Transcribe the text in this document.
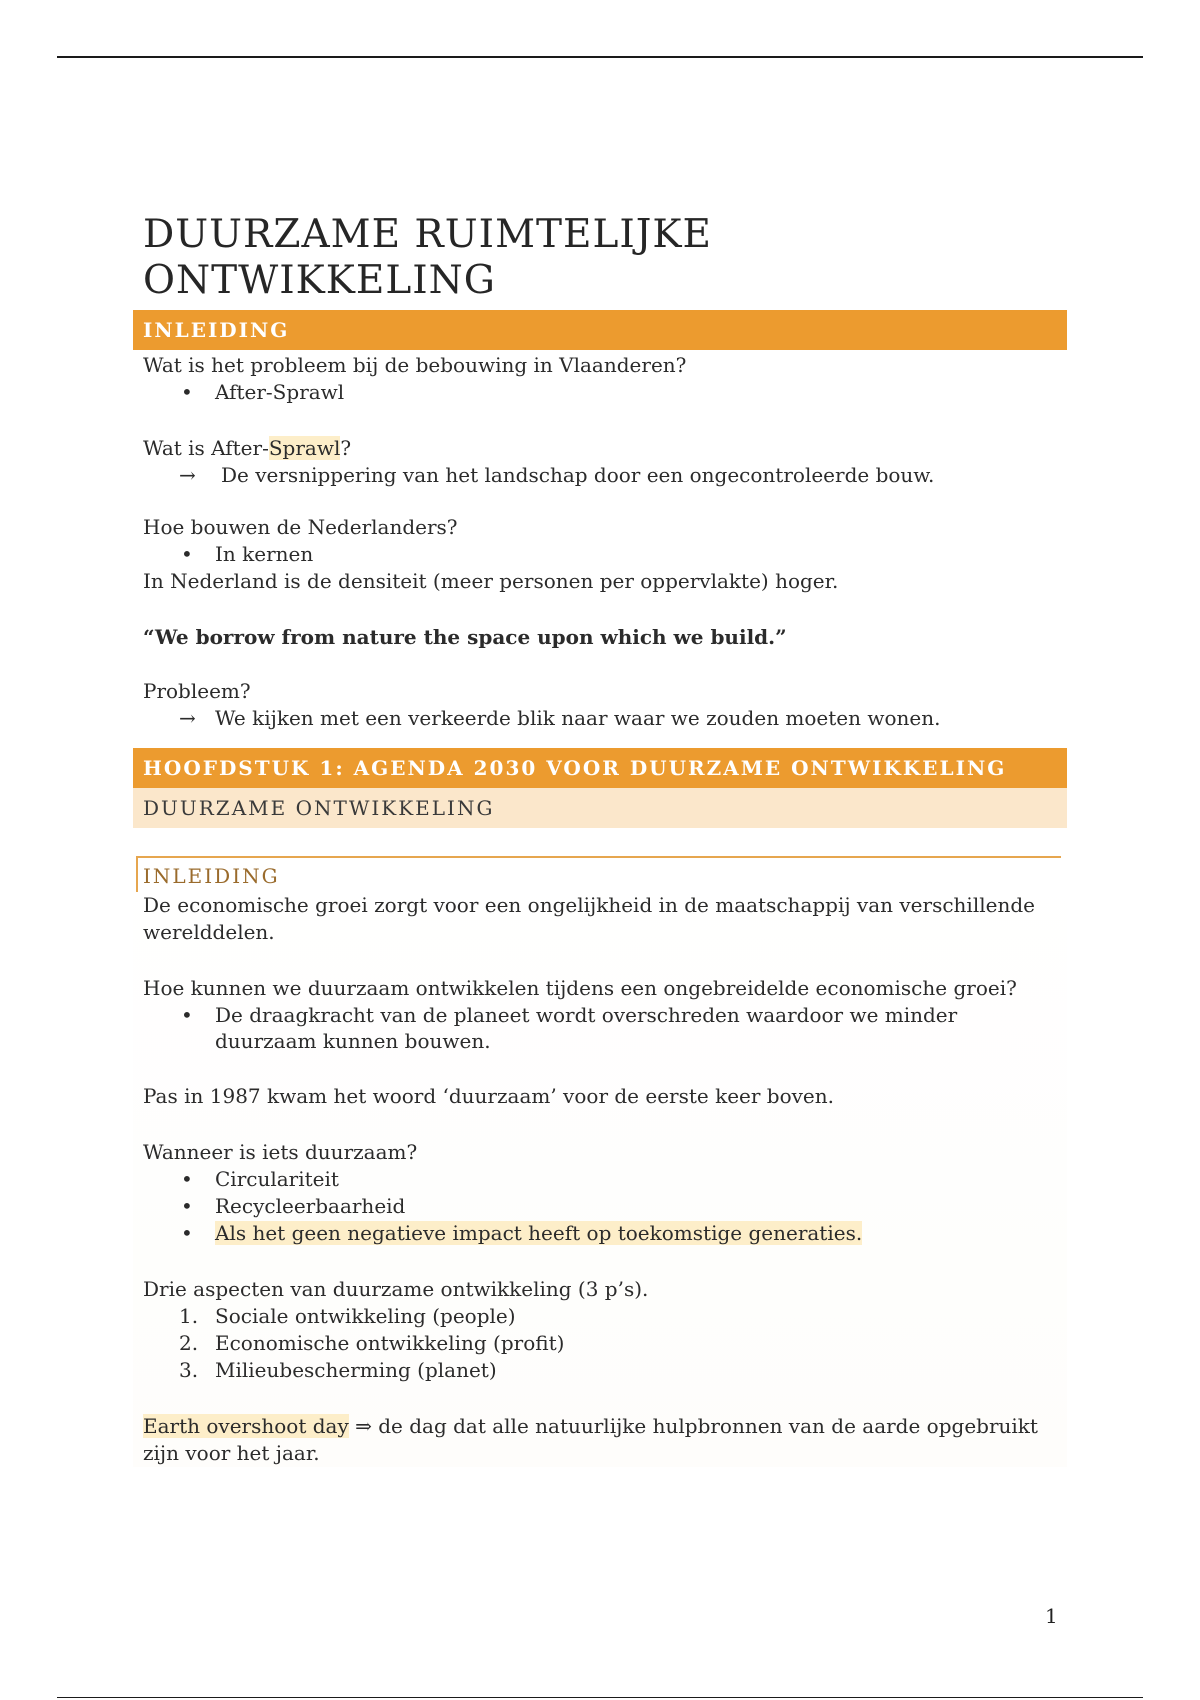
DUURZAME RUIMTELIJKE ONTWIKKELING
INLEIDING

Wat is het probleem bij de bebouwing in Vlaanderen?

• After-Sprawl

Wat is After-Sprawl?

→ De versnippering van het landschap door een ongecontroleerde bouw.

Hoe bouwen de Nederlanders?

• In kernen

In Nederland is de densiteit (meer personen per oppervlakte) hoger.

“We borrow from nature the space upon which we build.”

Probleem?

→ We kijken met een verkeerde blik naar waar we zouden moeten wonen.
HOOFDSTUK 1: AGENDA 2030 VOOR DUURZAME ONTWIKKELING
DUURZAME ONTWIKKELING
INLEIDING

De economische groei zorgt voor een ongelijkheid in de maatschappij van verschillende werelddelen.

Hoe kunnen we duurzaam ontwikkelen tijdens een ongebreidelde economische groei?

• De draagkracht van de planeet wordt overschreden waardoor we minder duurzaam kunnen bouwen.

Pas in 1987 kwam het woord ‘duurzaam’ voor de eerste keer boven.

Wanneer is iets duurzaam?

• Circulariteit
• Recycleerbaarheid
• Als het geen negatieve impact heeft op toekomstige generaties.

Drie aspecten van duurzame ontwikkeling (3 p’s).

1. Sociale ontwikkeling (people)
2. Economische ontwikkeling (profit)
3. Milieubescherming (planet)

Earth overshoot day ⇒ de dag dat alle natuurlijke hulpbronnen van de aarde opgebruikt zijn voor het jaar.

1
